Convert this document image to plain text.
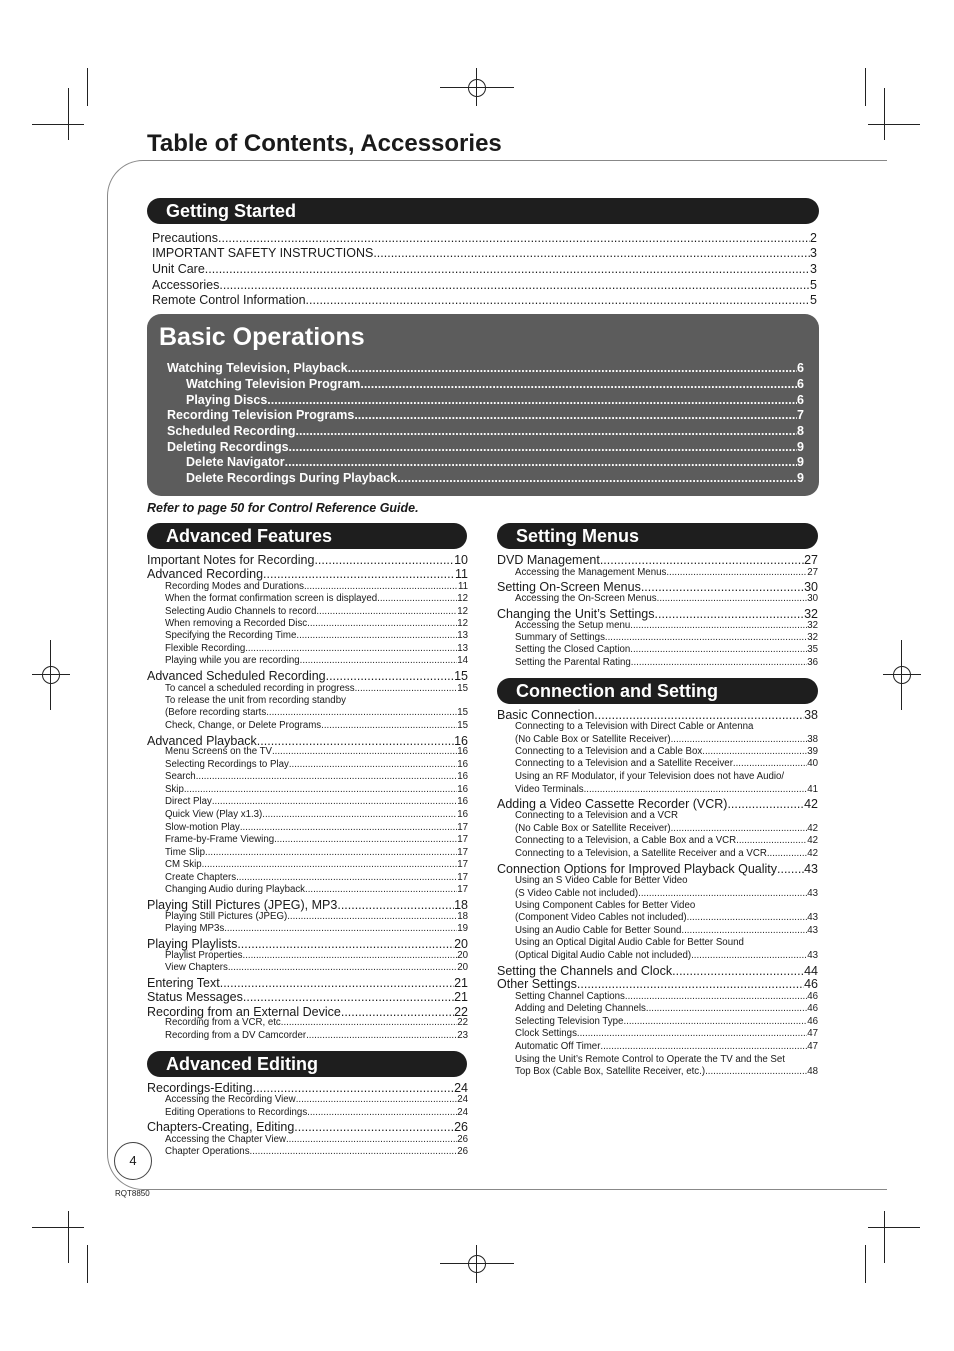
Table of Contents, Accessories
Getting Started
Precautions .....	2
IMPORTANT SAFETY INSTRUCTIONS .....	3
Unit Care .....	3
Accessories .....	5
Remote Control Information .....	5
Basic Operations
Watching Television, Playback .....	6
Watching Television Program .....	6
Playing Discs .....	6
Recording Television Programs .....	7
Scheduled Recording .....	8
Deleting Recordings .....	9
Delete Navigator .....	9
Delete Recordings During Playback .....	9
Refer to page 50 for Control Reference Guide.
Advanced Features
Important Notes for Recording .....	10
Advanced Recording .....	11
Recording Modes and Durations .....	11
When the format confirmation screen is displayed .....	12
Selecting Audio Channels to record .....	12
When removing a Recorded Disc .....	12
Specifying the Recording Time .....	13
Flexible Recording .....	13
Playing while you are recording .....	14
Advanced Scheduled Recording .....	15
To cancel a scheduled recording in progress .....	15
To release the unit from recording standby
(Before recording starts .....	15
Check, Change, or Delete Programs .....	15
Advanced Playback .....	16
Menu Screens on the TV .....	16
Selecting Recordings to Play .....	16
Search .....	16
Skip .....	16
Direct Play .....	16
Quick View (Play x1.3) .....	16
Slow-motion Play .....	17
Frame-by-Frame Viewing .....	17
Time Slip .....	17
CM Skip .....	17
Create Chapters .....	17
Changing Audio during Playback .....	17
Playing Still Pictures (JPEG), MP3 .....	18
Playing Still Pictures (JPEG) .....	18
Playing MP3s .....	19
Playing Playlists .....	20
Playlist Properties .....	20
View Chapters .....	20
Entering Text .....	21
Status Messages .....	21
Recording from an External Device .....	22
Recording from a VCR, etc. .....	22
Recording from a DV Camcorder .....	23
Advanced Editing
Recordings-Editing .....	24
Accessing the Recording View .....	24
Editing Operations to Recordings .....	24
Chapters-Creating, Editing .....	26
Accessing the Chapter View .....	26
Chapter Operations .....	26
Setting Menus
DVD Management .....	27
Accessing the Management Menus .....	27
Setting On-Screen Menus .....	30
Accessing the On-Screen Menus .....	30
Changing the Unit’s Settings .....	32
Accessing the Setup menu .....	32
Summary of Settings .....	32
Setting the Closed Caption .....	35
Setting the Parental Rating .....	36
Connection and Setting
Basic Connection .....	38
Connecting to a Television with Direct Cable or Antenna
(No Cable Box or Satellite Receiver) .....	38
Connecting to a Television and a Cable Box .....	39
Connecting to a Television and a Satellite Receiver .....	40
Using an RF Modulator, if your Television does not have Audio/
Video Terminals .....	41
Adding a Video Cassette Recorder (VCR) .....	42
Connecting to a Television and a VCR
(No Cable Box or Satellite Receiver) .....	42
Connecting to a Television, a Cable Box and a VCR .....	42
Connecting to a Television, a Satellite Receiver and a VCR .....	42
Connection Options for Improved Playback Quality ..... 43
Using an S Video Cable for Better Video
(S Video Cable not included) .....	43
Using Component Cables for Better Video
(Component Video Cables not included) .....	43
Using an Audio Cable for Better Sound .....	43
Using an Optical Digital Audio Cable for Better Sound
(Optical Digital Audio Cable not included) .....	43
Setting the Channels and Clock .....	44
Other Settings .....	46
Setting Channel Captions .....	46
Adding and Deleting Channels .....	46
Selecting Television Type .....	46
Clock Settings .....	47
Automatic Off Timer .....	47
Using the Unit’s Remote Control to Operate the TV and the Set
Top Box (Cable Box, Satellite Receiver, etc.) .....	48
4
RQT8850
